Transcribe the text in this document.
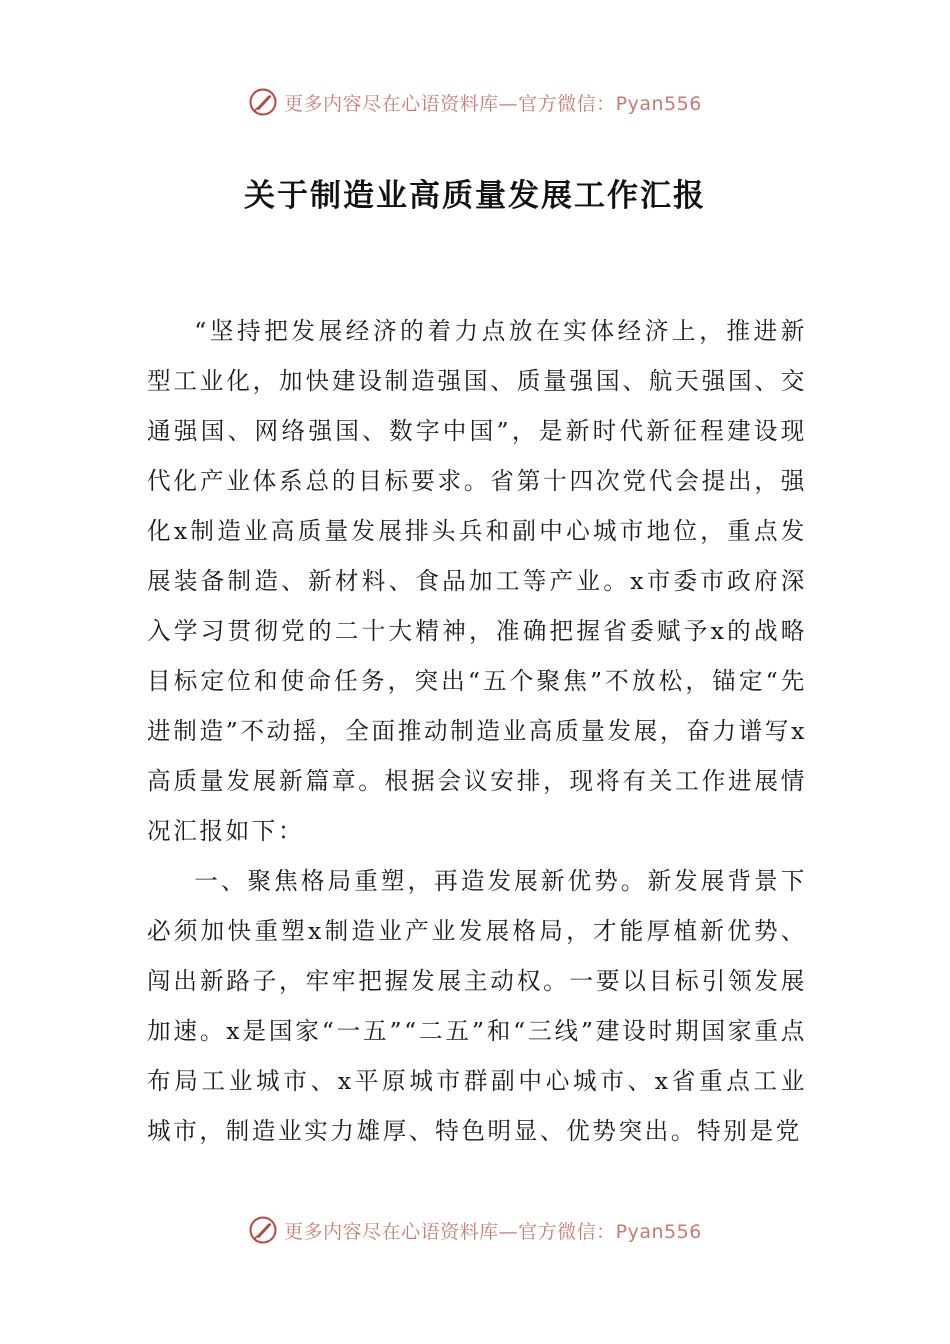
更多内容尽在心语资料库—官方微信：Pyan556
关于制造业高质量发展工作汇报

“坚持把发展经济的着力点放在实体经济上，推进新型工业化，加快建设制造强国、质量强国、航天强国、交通强国、网络强国、数字中国”，是新时代新征程建设现代化产业体系总的目标要求。省第十四次党代会提出，强化x制造业高质量发展排头兵和副中心城市地位，重点发展装备制造、新材料、食品加工等产业。x市委市政府深入学习贯彻党的二十大精神，准确把握省委赋予x的战略目标定位和使命任务，突出“五个聚焦”不放松，锚定“先进制造”不动摇，全面推动制造业高质量发展，奋力谱写x高质量发展新篇章。根据会议安排，现将有关工作进展情况汇报如下：

一、聚焦格局重塑，再造发展新优势。新发展背景下必须加快重塑x制造业产业发展格局，才能厚植新优势、闯出新路子，牢牢把握发展主动权。一要以目标引领发展加速。x是国家“一五”“二五”和“三线”建设时期国家重点布局工业城市、x平原城市群副中心城市、x省重点工业城市，制造业实力雄厚、特色明显、优势突出。特别是党

更多内容尽在心语资料库—官方微信：Pyan556
